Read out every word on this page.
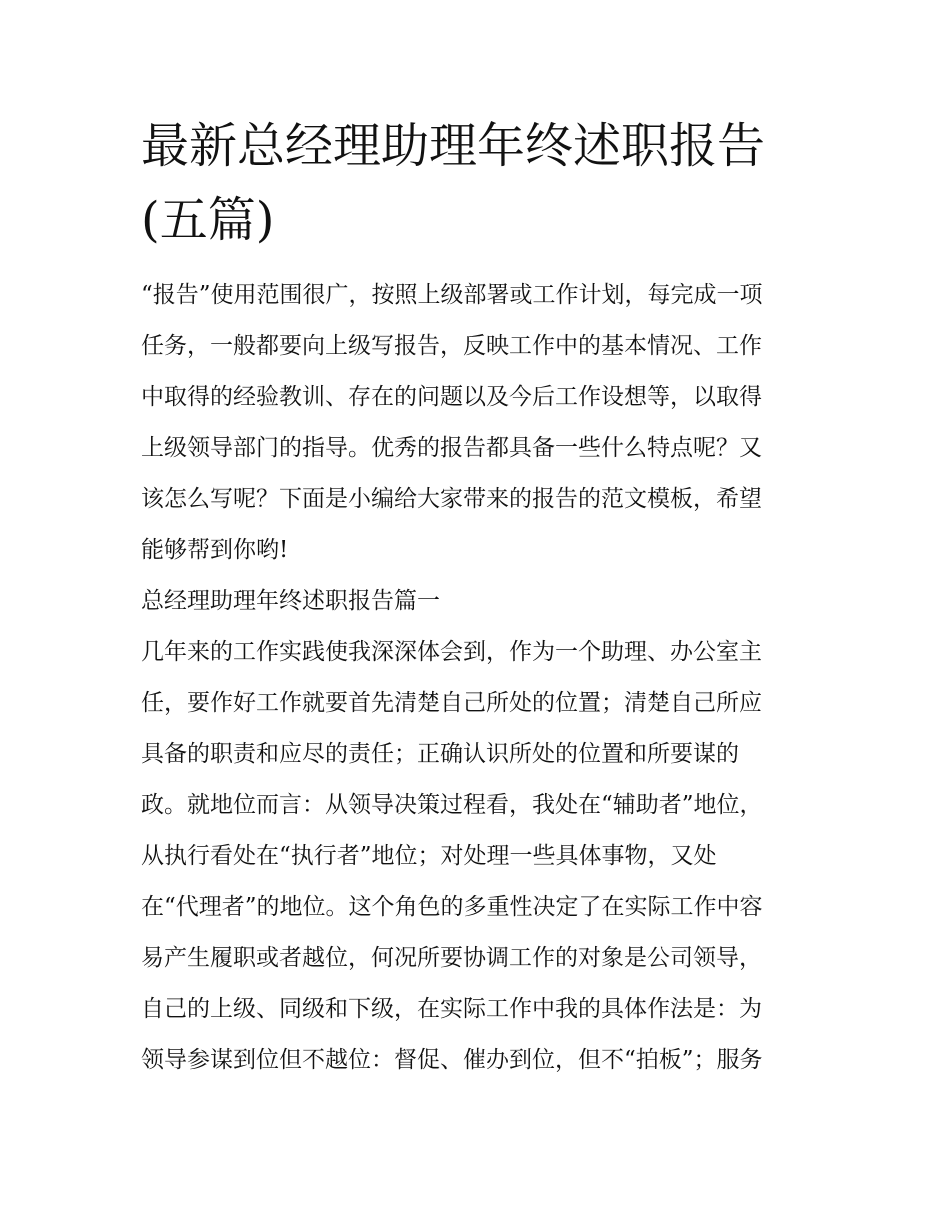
最新总经理助理年终述职报告
(五篇)
“报告”使用范围很广，按照上级部署或工作计划，每完成一项
任务，一般都要向上级写报告，反映工作中的基本情况、工作
中取得的经验教训、存在的问题以及今后工作设想等，以取得
上级领导部门的指导。优秀的报告都具备一些什么特点呢？又
该怎么写呢？下面是小编给大家带来的报告的范文模板，希望
能够帮到你哟!
总经理助理年终述职报告篇一
几年来的工作实践使我深深体会到，作为一个助理、办公室主
任，要作好工作就要首先清楚自己所处的位置；清楚自己所应
具备的职责和应尽的责任；正确认识所处的位置和所要谋的
政。就地位而言：从领导决策过程看，我处在“辅助者”地位，
从执行看处在“执行者”地位；对处理一些具体事物，又处
在“代理者”的地位。这个角色的多重性决定了在实际工作中容
易产生履职或者越位，何况所要协调工作的对象是公司领导，
自己的上级、同级和下级，在实际工作中我的具体作法是：为
领导参谋到位但不越位：督促、催办到位，但不“拍板”；服务
